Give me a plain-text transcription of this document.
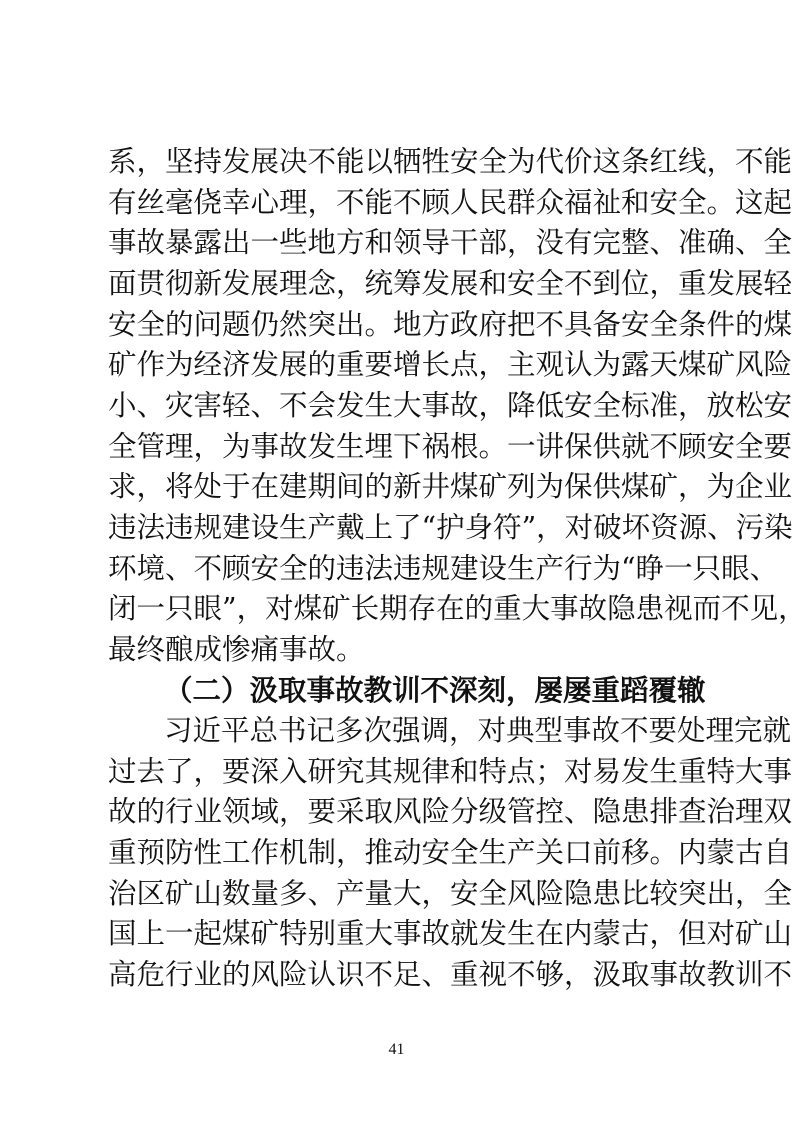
系，坚持发展决不能以牺牲安全为代价这条红线，不能
有丝毫侥幸心理，不能不顾人民群众福祉和安全。这起
事故暴露出一些地方和领导干部，没有完整、准确、全
面贯彻新发展理念，统筹发展和安全不到位，重发展轻
安全的问题仍然突出。地方政府把不具备安全条件的煤
矿作为经济发展的重要增长点，主观认为露天煤矿风险
小、灾害轻、不会发生大事故，降低安全标准，放松安
全管理，为事故发生埋下祸根。一讲保供就不顾安全要
求，将处于在建期间的新井煤矿列为保供煤矿，为企业
违法违规建设生产戴上了“护身符”，对破坏资源、污染
环境、不顾安全的违法违规建设生产行为“睁一只眼、
闭一只眼”，对煤矿长期存在的重大事故隐患视而不见，
最终酿成惨痛事故。
（二）汲取事故教训不深刻，屡屡重蹈覆辙
习近平总书记多次强调，对典型事故不要处理完就
过去了，要深入研究其规律和特点；对易发生重特大事
故的行业领域，要采取风险分级管控、隐患排查治理双
重预防性工作机制，推动安全生产关口前移。内蒙古自
治区矿山数量多、产量大，安全风险隐患比较突出，全
41
国上一起煤矿特别重大事故就发生在内蒙古，但对矿山
高危行业的风险认识不足、重视不够，汲取事故教训不
